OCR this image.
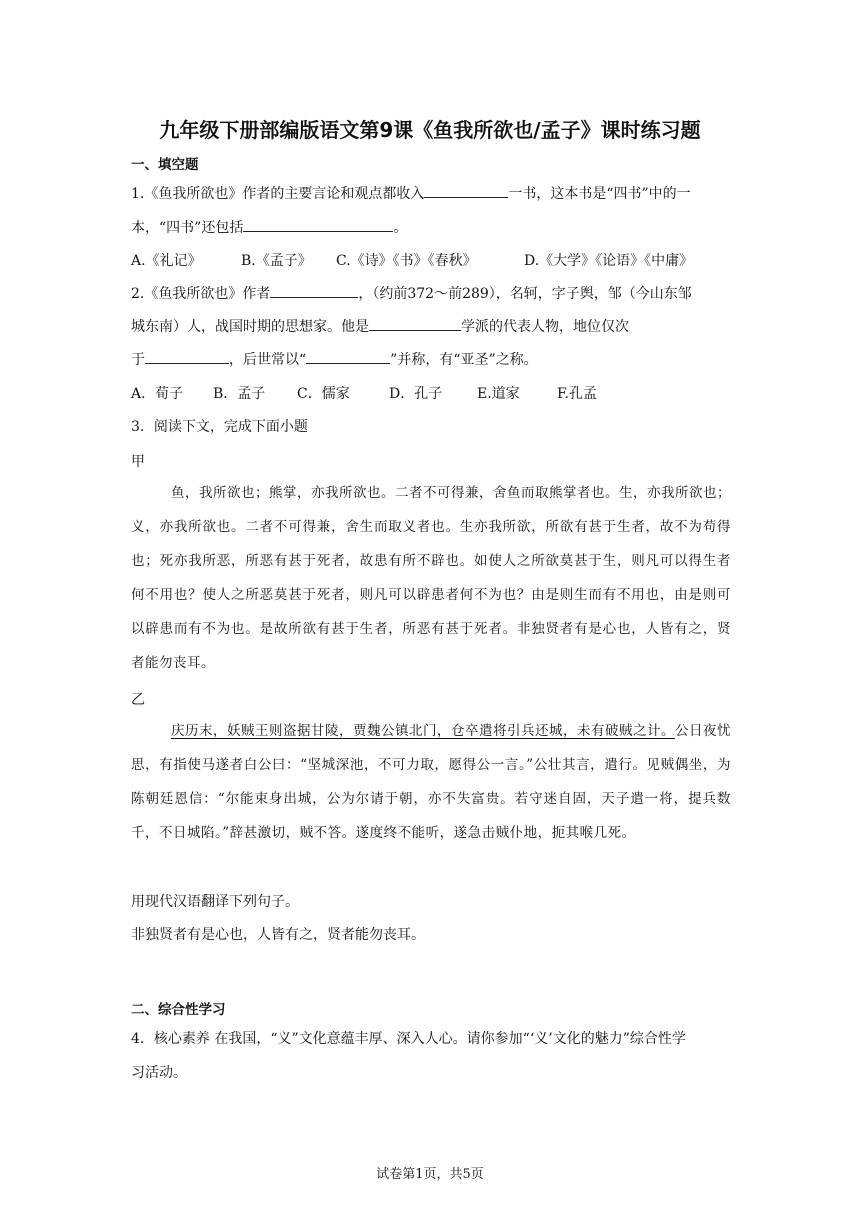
九年级下册部编版语文第9课《鱼我所欲也/孟子》课时练习题
一、填空题
1.《鱼我所欲也》作者的主要言论和观点都收入	一书，这本书是“四书”中的一
本，“四书”还包括	。
A.《礼记》	B.《孟子》 C.《诗》《书》《春秋》	D.《大学》《论语》《中庸》
2.《鱼我所欲也》作者	，（约前372～前289），名轲，字子舆，邹（今山东邹
城东南）人，战国时期的思想家。他是	学派的代表人物，地位仅次
于	，后世常以“	”并称，有“亚圣”之称。
A．荀子 B．孟子 C．儒家	D．孔子 E.道家	F.孔孟
3．阅读下文，完成下面小题
甲
鱼，我所欲也；熊掌，亦我所欲也。二者不可得兼，舍鱼而取熊掌者也。生，亦我所欲也；义，亦我所欲也。二者不可得兼，舍生而取义者也。生亦我所欲，所欲有甚于生者，故不为苟得也；死亦我所恶，所恶有甚于死者，故患有所不辟也。如使人之所欲莫甚于生，则凡可以得生者何不用也？使人之所恶莫甚于死者，则凡可以辟患者何不为也？由是则生而有不用也，由是则可以辟患而有不为也。是故所欲有甚于生者，所恶有甚于死者。非独贤者有是心也，人皆有之，贤者能勿丧耳。
乙
庆历末，妖贼王则盗据甘陵，贾魏公镇北门，仓卒遣将引兵还城，未有破贼之计。公日夜忧思，有指使马遂者白公曰：“坚城深池，不可力取，愿得公一言。”公壮其言，遣行。见贼偶坐，为陈朝廷恩信：“尔能束身出城，公为尔请于朝，亦不失富贵。若守迷自固，天子遣一将，提兵数千，不日城陷。”辞甚激切，贼不答。遂度终不能听，遂急击贼仆地，扼其喉几死。
用现代汉语翻译下列句子。
非独贤者有是心也，人皆有之，贤者能勿丧耳。
二、综合性学习
4．核心素养 在我国，“义”文化意蕴丰厚、深入人心。请你参加“‘义’文化的魅力”综合性学
习活动。
试卷第1页，共5页
